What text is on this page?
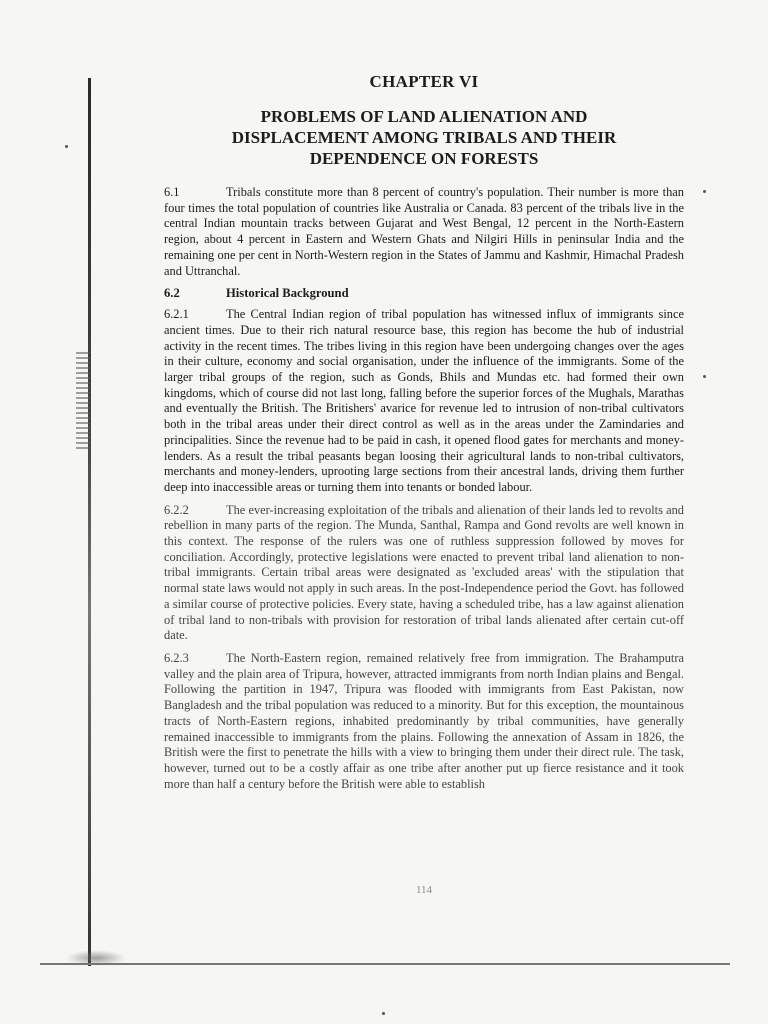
CHAPTER VI
PROBLEMS OF LAND ALIENATION AND
DISPLACEMENT AMONG TRIBALS AND THEIR
DEPENDENCE ON FORESTS

6.1	Tribals constitute more than 8 percent of country's population. Their number is more than four times the total population of countries like Australia or Canada. 83 percent of the tribals live in the central Indian mountain tracks between Gujarat and West Bengal, 12 percent in the North-Eastern region, about 4 percent in Eastern and Western Ghats and Nilgiri Hills in peninsular India and the remaining one per cent in North-Western region in the States of Jammu and Kashmir, Himachal Pradesh and Uttranchal.

6.2	Historical Background

6.2.1	The Central Indian region of tribal population has witnessed influx of immigrants since ancient times. Due to their rich natural resource base, this region has become the hub of industrial activity in the recent times. The tribes living in this region have been undergoing changes over the ages in their culture, economy and social organisation, under the influence of the immigrants. Some of the larger tribal groups of the region, such as Gonds, Bhils and Mundas etc. had formed their own kingdoms, which of course did not last long, falling before the superior forces of the Mughals, Marathas and eventually the British. The Britishers' avarice for revenue led to intrusion of non-tribal cultivators both in the tribal areas under their direct control as well as in the areas under the Zamindaries and principalities. Since the revenue had to be paid in cash, it opened flood gates for merchants and money-lenders. As a result the tribal peasants began loosing their agricultural lands to non-tribal cultivators, merchants and money-lenders, uprooting large sections from their ancestral lands, driving them further deep into inaccessible areas or turning them into tenants or bonded labour.

6.2.2	The ever-increasing exploitation of the tribals and alienation of their lands led to revolts and rebellion in many parts of the region. The Munda, Santhal, Rampa and Gond revolts are well known in this context. The response of the rulers was one of ruthless suppression followed by moves for conciliation. Accordingly, protective legislations were enacted to prevent tribal land alienation to non-tribal immigrants. Certain tribal areas were designated as 'excluded areas' with the stipulation that normal state laws would not apply in such areas. In the post-Independence period the Govt. has followed a similar course of protective policies. Every state, having a scheduled tribe, has a law against alienation of tribal land to non-tribals with provision for restoration of tribal lands alienated after certain cut-off date.

6.2.3	The North-Eastern region, remained relatively free from immigration. The Brahamputra valley and the plain area of Tripura, however, attracted immigrants from north Indian plains and Bengal. Following the partition in 1947, Tripura was flooded with immigrants from East Pakistan, now Bangladesh and the tribal population was reduced to a minority. But for this exception, the mountainous tracts of North-Eastern regions, inhabited predominantly by tribal communities, have generally remained inaccessible to immigrants from the plains. Following the annexation of Assam in 1826, the British were the first to penetrate the hills with a view to bringing them under their direct rule. The task, however, turned out to be a costly affair as one tribe after another put up fierce resistance and it took more than half a century before the British were able to establish

114
